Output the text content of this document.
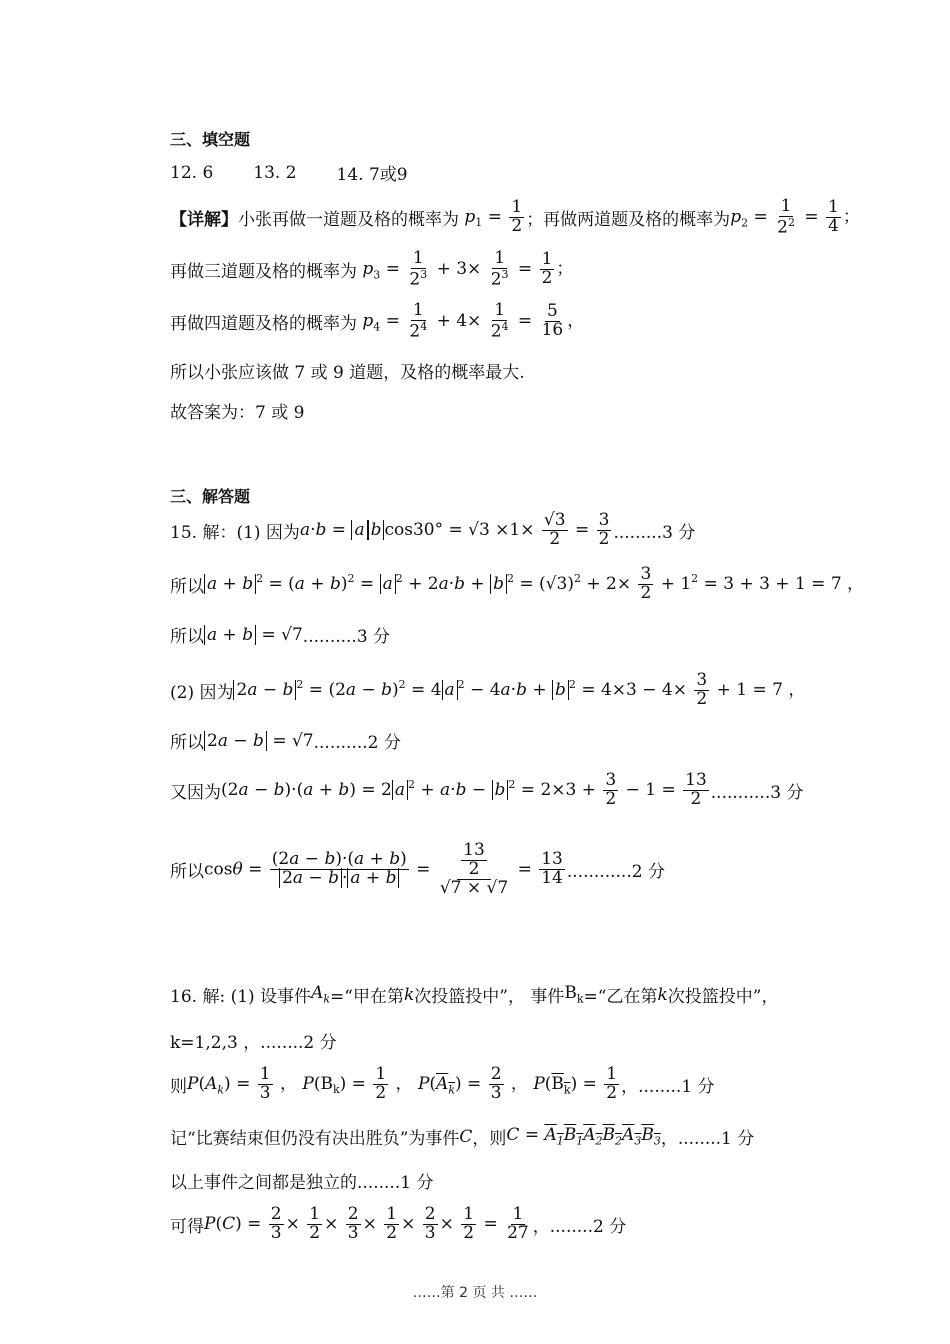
三、填空题
12. 6 13. 2 14. 7或9
【详解】 小张再做一道题及格的概率为 $p_1 = \frac{1}{2}$ ；再做两道题及格的概率为 $p_2 = \frac{1}{2^2} = \frac{1}{4}$ ；
再做三道题及格的概率为 $p_3 = \frac{1}{2^3} + 3\times \frac{1}{2^3} = \frac{1}{2}$ ；
再做四道题及格的概率为 $p_4 = \frac{1}{2^4} + 4\times \frac{1}{2^4} = \frac{5}{16}$ ，
所以小张应该做 7 或 9 道题，及格的概率最大.
故答案为：7 或 9
三、解答题
15. 解：(1) 因为 a·b = a b $\cos 30^\circ = √3 \times 1\times \frac{√3}{2} = \frac{3}{2} .........3$ 分
所以 a + b $^2 = (a + b)^2 = a$ $^2$ + 2a·b + b $^2 = (√3)^2 + 2\times \frac{3}{2} + 1^2 = 3 + 3 + 1 = 7$ ，
所以 a + b = √7 ..........3 分
(2) 因为 2a − b $^2 = (2a - b)^2 = 4$ a $^2$ − 4a·b + b $^2 = 4\times 3 - 4\times \frac{3}{2} + 1 = 7$ ，
所以 2a − b = √7 ..........2 分
又因为 (2a − b)·(a + b) = 2 a $^2$ + a·b − b $^2 = 2\times 3 + \frac{3}{2} - 1 = \frac{13}{2} ...........3$ 分
所以 $\cos\theta = \frac{(2a - b)\cdot(a + b)}{2a - b \cdot a + b} = \frac{\frac{13}{2}}{√7 \times √7} = \frac{13}{14} ............2$ 分
16. 解: (1) 设事件 $A_k$ =“甲在第 k 次投篮投中”， 事件 $B_k$ =“乙在第 k 次投篮投中”，
k=1,2,3 ，........2 分
则 $P(A_k) = \frac{1}{3}$ ， $P(B_k) = \frac{1}{2}$ ， $P(A_k) = \frac{2}{3}$ ， $P(B_k) = \frac{1}{2}$ ，........1 分
记“比赛结束但仍没有决出胜负”为事件 C ，则 $C = A_1B_1A_2B_2A_3B_3$ ，........1 分
以上事件之间都是独立的........1 分
可得 $P(C) = \frac{2}{3} \times \frac{1}{2} \times \frac{2}{3} \times \frac{1}{2} \times \frac{2}{3} \times \frac{1}{2} = \frac{1}{27}$ ，........2 分
……第 2 页 共 ……
